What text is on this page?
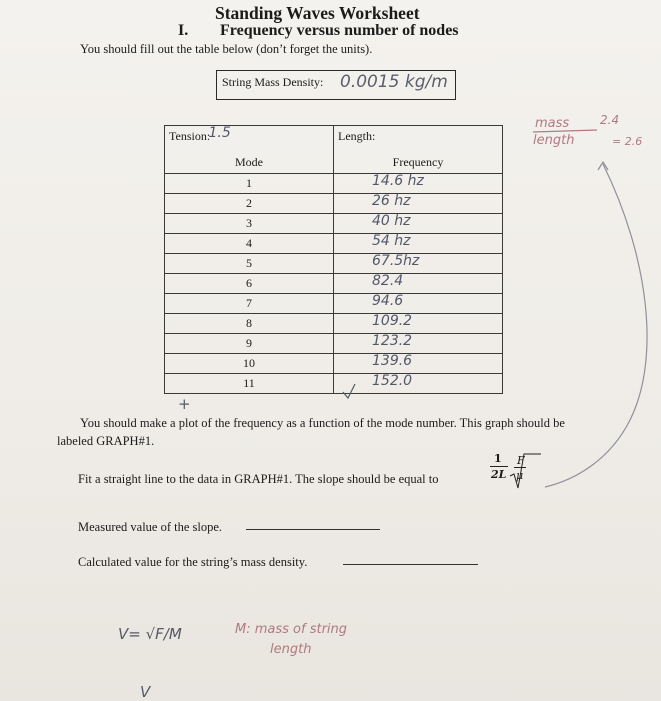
Standing Waves Worksheet
I. Frequency versus number of nodes
You should fill out the table below (don’t forget the units).
String Mass Density: 0.0015 kg/m
Tension:	Length:
1.5

Mode	Frequency
1	14.6 hz

2	26 hz

3	40 hz

4	54 hz

5	67.5hz

6	82.4

7	94.6

8	109.2

9	123.2

10	139.6

11	152.0
+
You should make a plot of the frequency as a function of the mode number. This graph should be
labeled GRAPH#1.
Fit a straight line to the data in GRAPH#1. The slope should be equal to
1
2L
F
μ
Measured value of the slope.
Calculated value for the string’s mass density.
mass	2.4
length	= 2.6
V= √F/M
V
M: mass of string
length
